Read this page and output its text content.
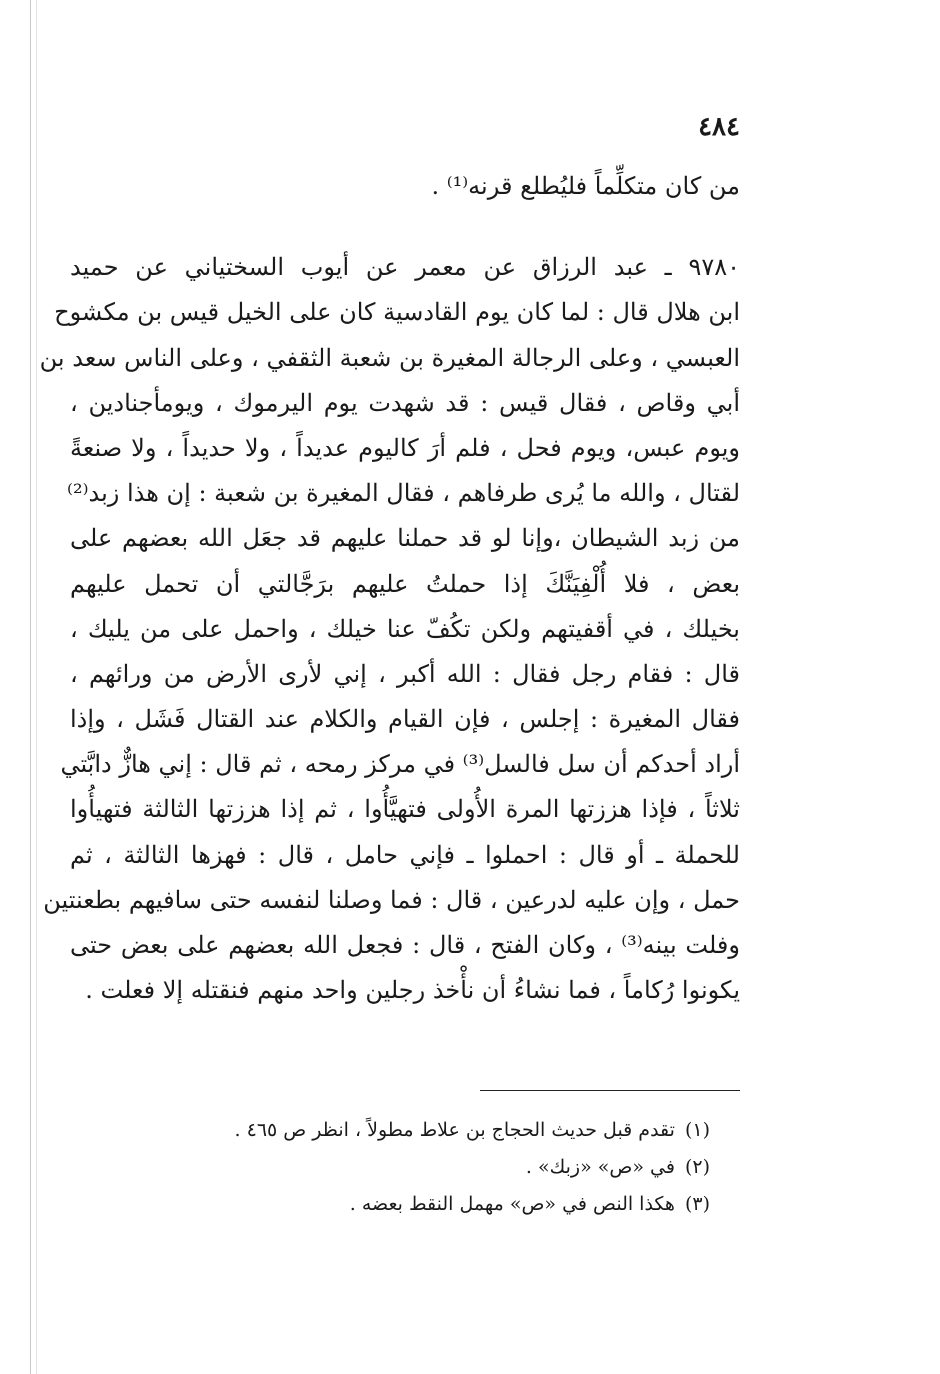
٤٨٤
من كان متكلِّماً فليُطلع قرنه⁽¹⁾ .
٩٧٨٠ ـ عبد الرزاق عن معمر عن أيوب السختياني عن حميد
ابن هلال قال : لما كان يوم القادسية كان على الخيل قيس بن مكشوح
العبسي ، وعلى الرجالة المغيرة بن شعبة الثقفي ، وعلى الناس سعد بن
أبي وقاص ، فقال قيس : قد شهدت يوم اليرموك ، ويومأجنادين ،
ويوم عبس، ويوم فحل ، فلم أرَ كاليوم عديداً ، ولا حديداً ، ولا صنعةً
لقتال ، والله ما يُرى طرفاهم ، فقال المغيرة بن شعبة : إن هذا زبد⁽²⁾
من زبد الشيطان ،وإنا لو قد حملنا عليهم قد جعَل الله بعضهم على
بعض ، فلا أُلْفِيَنَّكَ إذا حملتُ عليهم برَجَّالتي أن تحمل عليهم
بخيلك ، في أقفيتهم ولكن تكُفّ عنا خيلك ، واحمل على من يليك ،
قال : فقام رجل فقال : الله أكبر ، إني لأرى الأرض من ورائهم ،
فقال المغيرة : إجلس ، فإن القيام والكلام عند القتال فَشَل ، وإذا
أراد أحدكم أن سل فالسل⁽³⁾ في مركز رمحه ، ثم قال : إني هازٌّ دابَّتي
ثلاثاً ، فإذا هززتها المرة الأُولى فتهيَّأُوا ، ثم إذا هززتها الثالثة فتهيأُوا
للحملة ـ أو قال : احملوا ـ فإني حامل ، قال : فهزها الثالثة ، ثم
حمل ، وإن عليه لدرعين ، قال : فما وصلنا لنفسه حتى سافيهم بطعنتين
وفلت بينه⁽³⁾ ، وكان الفتح ، قال : فجعل الله بعضهم على بعض حتى
يكونوا رُكاماً ، فما نشاءُ أن نأْخذ رجلين واحد منهم فنقتله إلا فعلت .
(١)تقدم قبل حديث الحجاج بن علاط مطولاً ، انظر ص ٤٦٥ .
(٢)في «ص» «زبك» .
(٣)هكذا النص في «ص» مهمل النقط بعضه .
